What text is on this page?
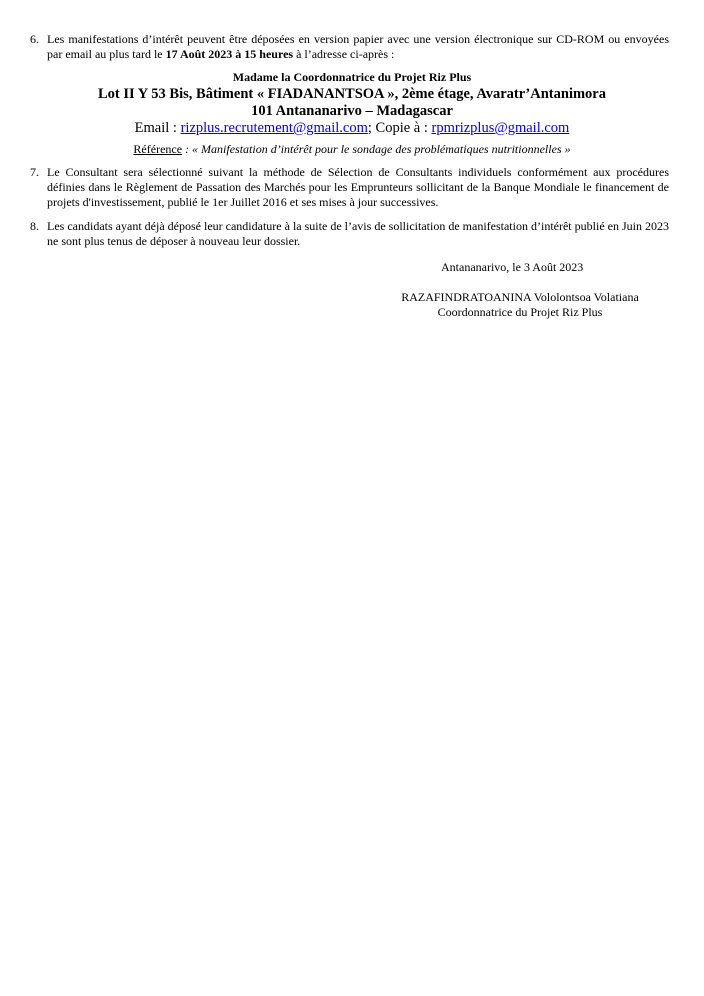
6. Les manifestations d’intérêt peuvent être déposées en version papier avec une version électronique sur CD-ROM ou envoyées par email au plus tard le 17 Août 2023 à 15 heures à l’adresse ci-après :
Madame la Coordonnatrice du Projet Riz Plus
Lot II Y 53 Bis, Bâtiment « FIADANANTSOA », 2ème étage, Avaratr’Antanimora
101 Antananarivo – Madagascar
Email : rizplus.recrutement@gmail.com; Copie à : rpmrizplus@gmail.com
Référence : « Manifestation d’intérêt pour le sondage des problématiques nutritionnelles »
7. Le Consultant sera sélectionné suivant la méthode de Sélection de Consultants individuels conformément aux procédures définies dans le Règlement de Passation des Marchés pour les Emprunteurs sollicitant de la Banque Mondiale le financement de projets d'investissement, publié le 1er Juillet 2016 et ses mises à jour successives.
8. Les candidats ayant déjà déposé leur candidature à la suite de l’avis de sollicitation de manifestation d’intérêt publié en Juin 2023 ne sont plus tenus de déposer à nouveau leur dossier.
Antananarivo, le 3 Août 2023
RAZAFINDRATOANINA Vololontsoa Volatiana
Coordonnatrice du Projet Riz Plus
